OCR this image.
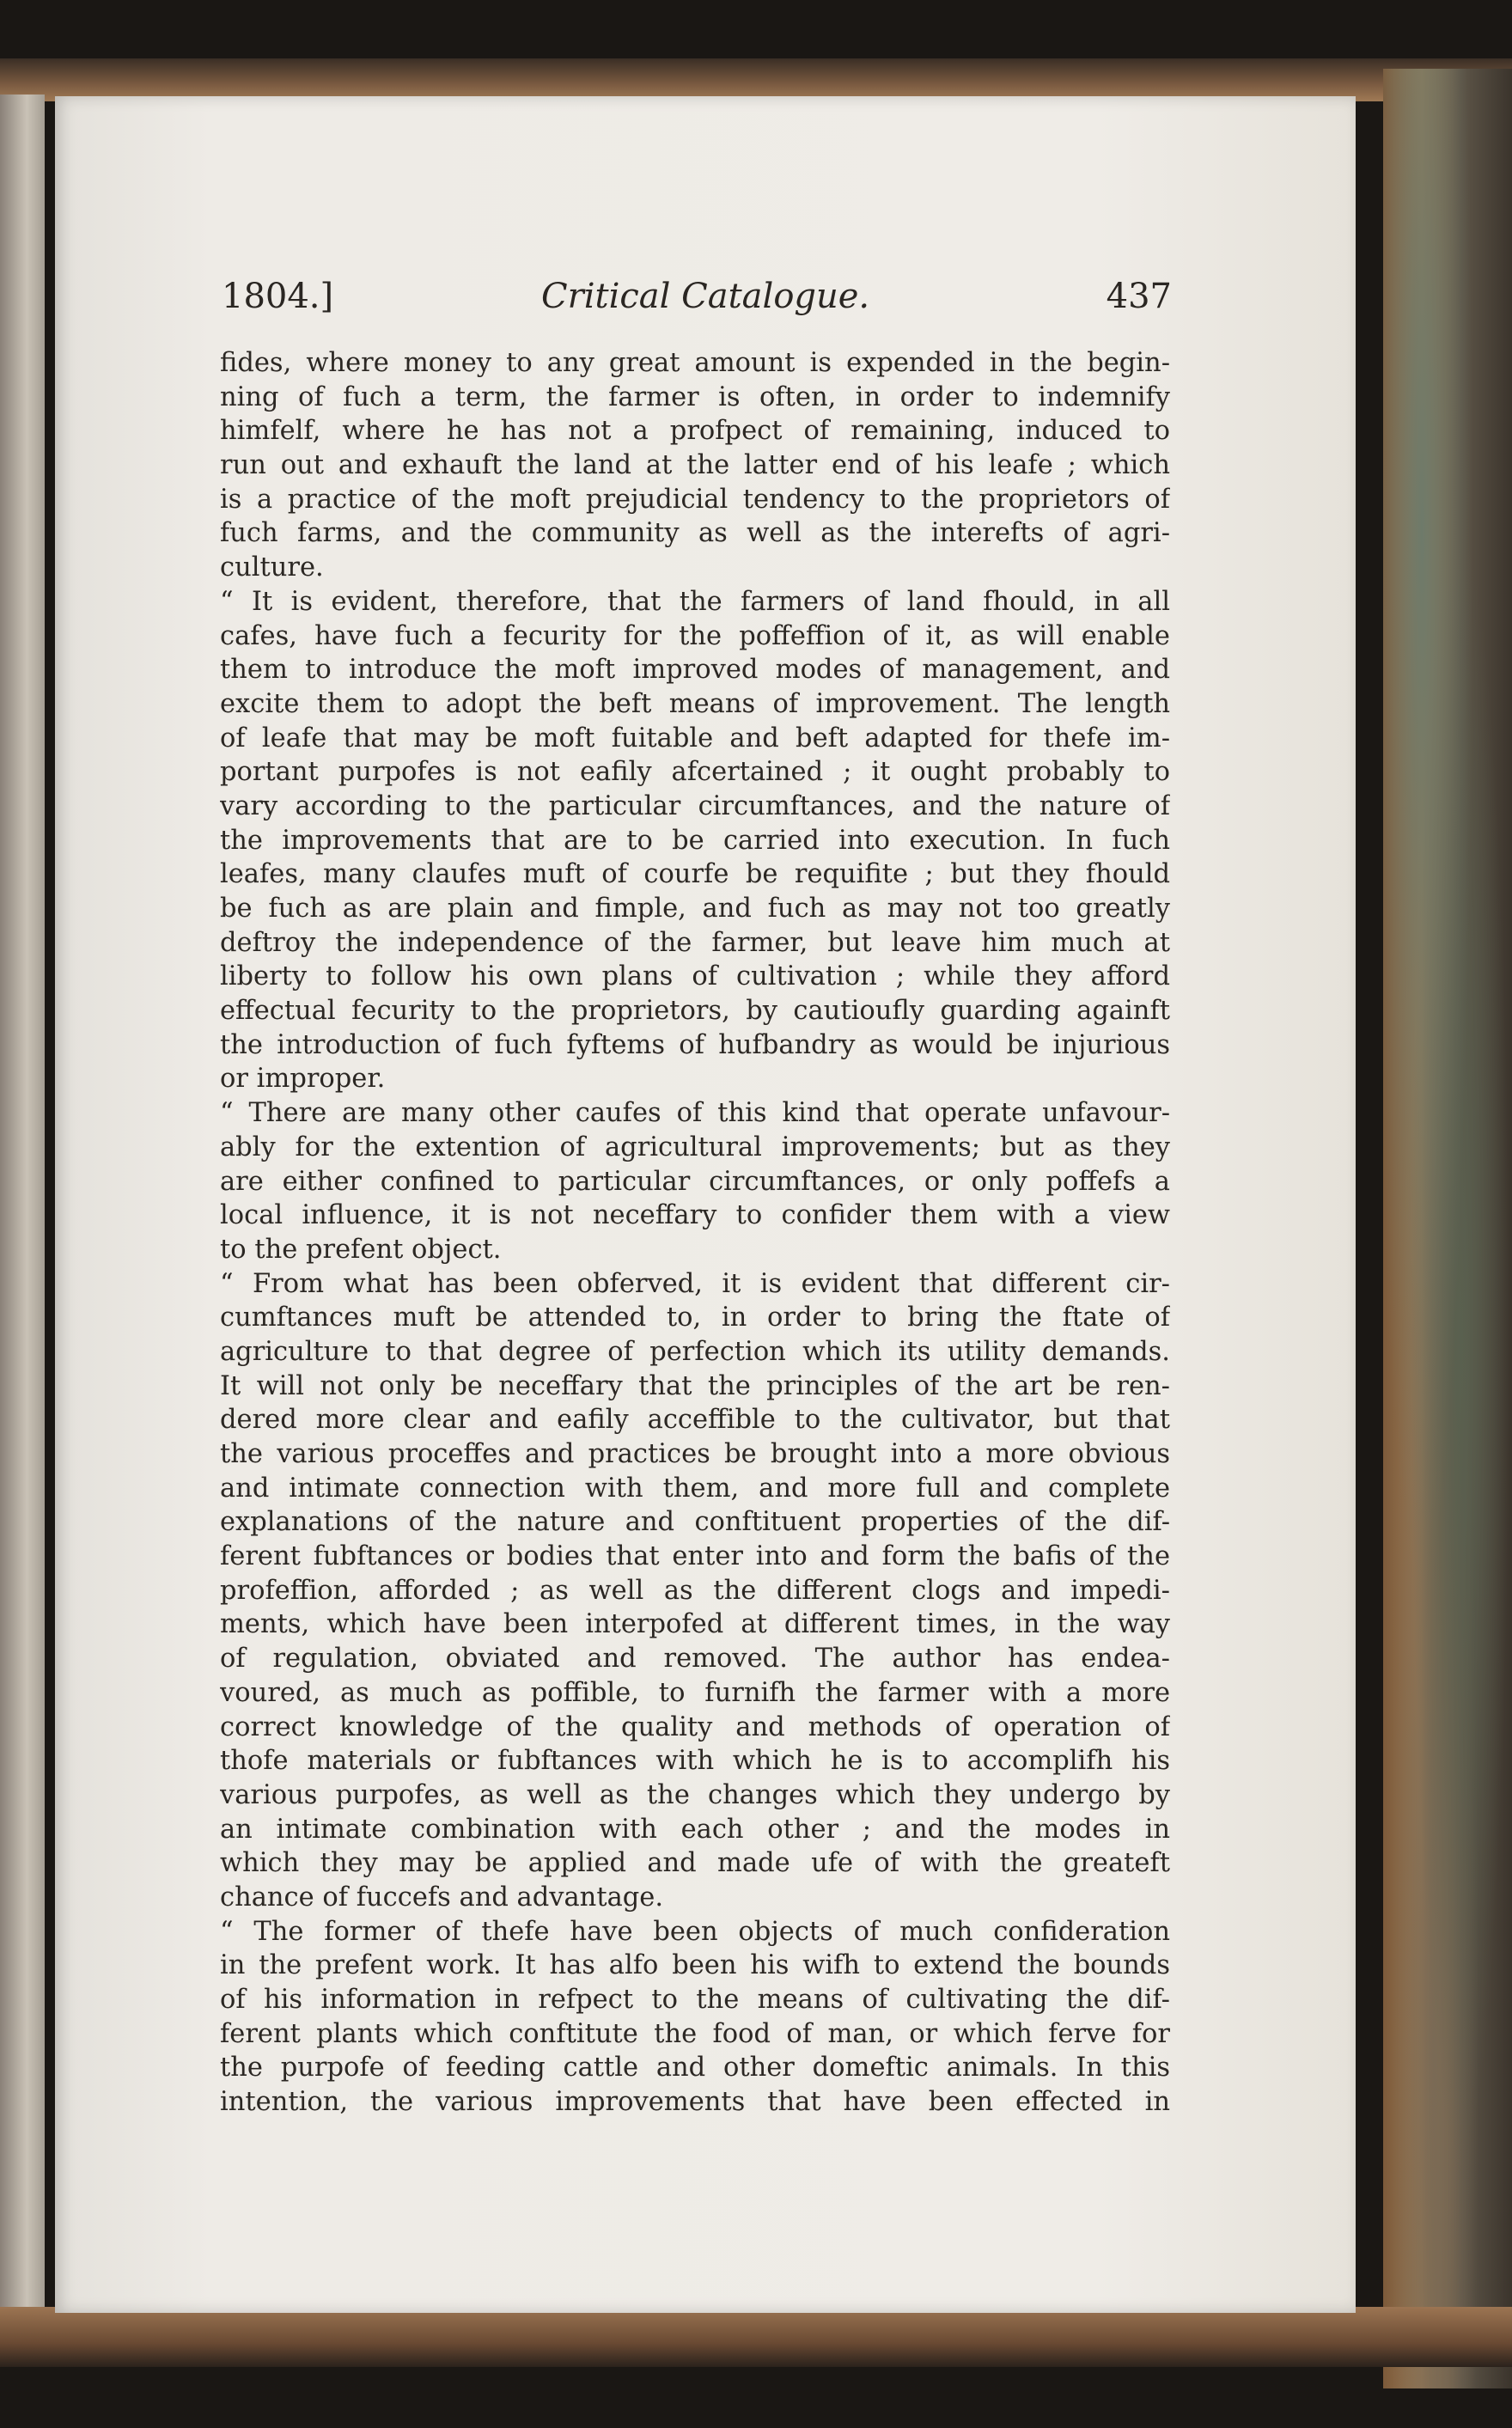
1804.]	Critical Catalogue.	437
fides, where money to any great amount is expended in the begin-
ning of fuch a term, the farmer is often, in order to indemnify
himfelf, where he has not a profpect of remaining, induced to
run out and exhauft the land at the latter end of his leafe ; which
is a practice of the moft prejudicial tendency to the proprietors of
fuch farms, and the community as well as the interefts of agri-
culture.
“ It is evident, therefore, that the farmers of land fhould, in all
cafes, have fuch a fecurity for the poffeffion of it, as will enable
them to introduce the moft improved modes of management, and
excite them to adopt the beft means of improvement. The length
of leafe that may be moft fuitable and beft adapted for thefe im-
portant purpofes is not eafily afcertained ; it ought probably to
vary according to the particular circumftances, and the nature of
the improvements that are to be carried into execution. In fuch
leafes, many claufes muft of courfe be requifite ; but they fhould
be fuch as are plain and fimple, and fuch as may not too greatly
deftroy the independence of the farmer, but leave him much at
liberty to follow his own plans of cultivation ; while they afford
effectual fecurity to the proprietors, by cautioufly guarding againft
the introduction of fuch fyftems of hufbandry as would be injurious
or improper.
“ There are many other caufes of this kind that operate unfavour-
ably for the extention of agricultural improvements; but as they
are either confined to particular circumftances, or only poffefs a
local influence, it is not neceffary to confider them with a view
to the prefent object.
“ From what has been obferved, it is evident that different cir-
cumftances muft be attended to, in order to bring the ftate of
agriculture to that degree of perfection which its utility demands.
It will not only be neceffary that the principles of the art be ren-
dered more clear and eafily acceffible to the cultivator, but that
the various proceffes and practices be brought into a more obvious
and intimate connection with them, and more full and complete
explanations of the nature and conftituent properties of the dif-
ferent fubftances or bodies that enter into and form the bafis of the
profeffion, afforded ; as well as the different clogs and impedi-
ments, which have been interpofed at different times, in the way
of regulation, obviated and removed. The author has endea-
voured, as much as poffible, to furnifh the farmer with a more
correct knowledge of the quality and methods of operation of
thofe materials or fubftances with which he is to accomplifh his
various purpofes, as well as the changes which they undergo by
an intimate combination with each other ; and the modes in
which they may be applied and made ufe of with the greateft
chance of fuccefs and advantage.
“ The former of thefe have been objects of much confideration
in the prefent work. It has alfo been his wifh to extend the bounds
of his information in refpect to the means of cultivating the dif-
ferent plants which conftitute the food of man, or which ferve for
the purpofe of feeding cattle and other domeftic animals. In this
intention, the various improvements that have been effected in
